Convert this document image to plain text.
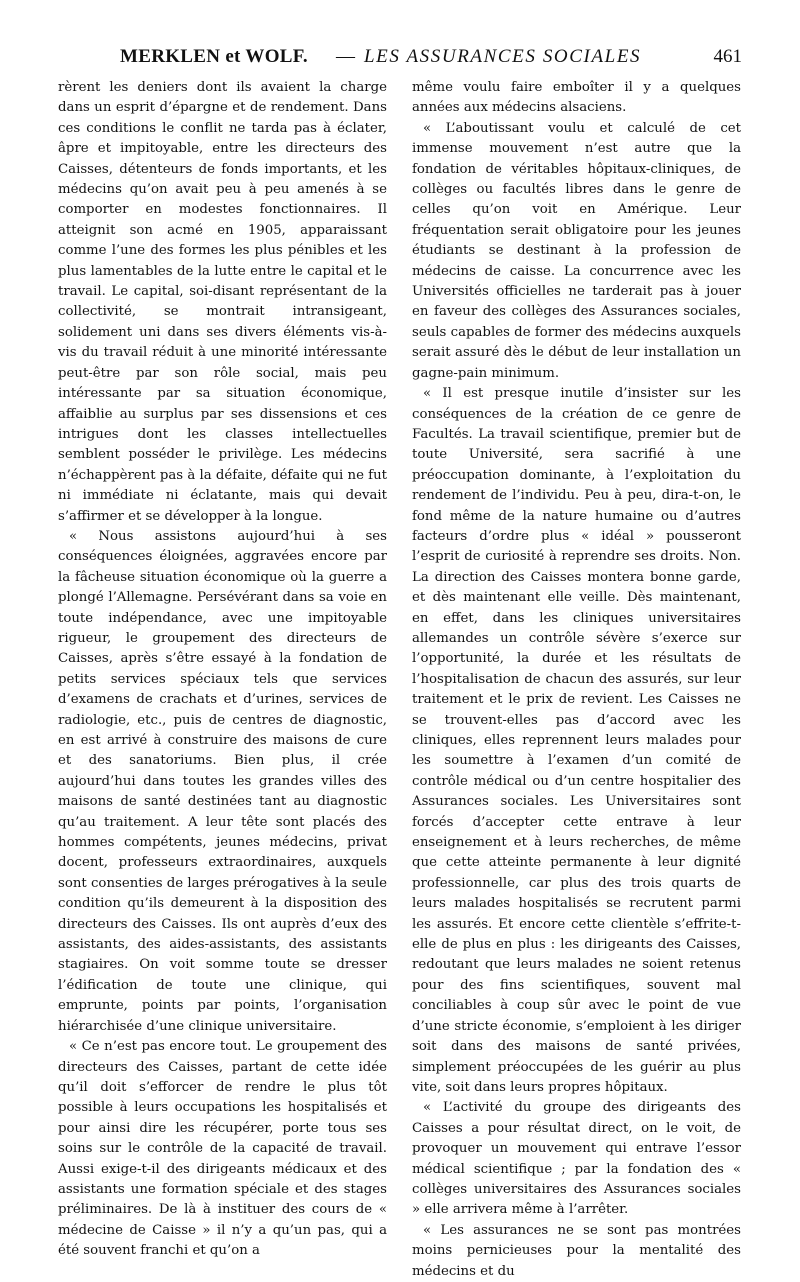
MERKLEN et WOLF. — LES ASSURANCES SOCIALES	461

rèrent les deniers dont ils avaient la charge dans un esprit d’épargne et de rendement. Dans ces conditions le conflit ne tarda pas à éclater, âpre et impitoyable, entre les directeurs des Caisses, détenteurs de fonds importants, et les médecins qu’on avait peu à peu amenés à se comporter en modestes fonctionnaires. Il atteignit son acmé en 1905, apparaissant comme l’une des formes les plus pénibles et les plus lamentables de la lutte entre le capital et le travail. Le capital, soi-disant représentant de la collectivité, se montrait intransigeant, solidement uni dans ses divers éléments vis-à-vis du travail réduit à une minorité intéressante peut-être par son rôle social, mais peu intéressante par sa situation économique, affaiblie au surplus par ses dissensions et ces intrigues dont les classes intellectuelles semblent posséder le privilège. Les médecins n’échappèrent pas à la défaite, défaite qui ne fut ni immédiate ni éclatante, mais qui devait s’affirmer et se développer à la longue.

« Nous assistons aujourd’hui à ses conséquences éloignées, aggravées encore par la fâcheuse situation économique où la guerre a plongé l’Allemagne. Persévérant dans sa voie en toute indépendance, avec une impitoyable rigueur, le groupement des directeurs de Caisses, après s’être essayé à la fondation de petits services spéciaux tels que services d’examens de crachats et d’urines, services de radiologie, etc., puis de centres de diagnostic, en est arrivé à construire des maisons de cure et des sanatoriums. Bien plus, il crée aujourd’hui dans toutes les grandes villes des maisons de santé destinées tant au diagnostic qu’au traitement. A leur tête sont placés des hommes compétents, jeunes médecins, privat docent, professeurs extraordinaires, auxquels sont consenties de larges prérogatives à la seule condition qu’ils demeurent à la disposition des directeurs des Caisses. Ils ont auprès d’eux des assistants, des aides-assistants, des assistants stagiaires. On voit somme toute se dresser l’édification de toute une clinique, qui emprunte, points par points, l’organisation hiérarchisée d’une clinique universitaire.

« Ce n’est pas encore tout. Le groupement des directeurs des Caisses, partant de cette idée qu’il doit s’efforcer de rendre le plus tôt possible à leurs occupations les hospitalisés et pour ainsi dire les récupérer, porte tous ses soins sur le contrôle de la capacité de travail. Aussi exige-t-il des dirigeants médicaux et des assistants une formation spéciale et des stages préliminaires. De là à instituer des cours de « médecine de Caisse » il n’y a qu’un pas, qui a été souvent franchi et qu’on a

même voulu faire emboîter il y a quelques années aux médecins alsaciens.

« L’aboutissant voulu et calculé de cet immense mouvement n’est autre que la fondation de véritables hôpitaux-cliniques, de collèges ou facultés libres dans le genre de celles qu’on voit en Amérique. Leur fréquentation serait obligatoire pour les jeunes étudiants se destinant à la profession de médecins de caisse. La concurrence avec les Universités officielles ne tarderait pas à jouer en faveur des collèges des Assurances sociales, seuls capables de former des médecins auxquels serait assuré dès le début de leur installation un gagne-pain minimum.

« Il est presque inutile d’insister sur les conséquences de la création de ce genre de Facultés. La travail scientifique, premier but de toute Université, sera sacrifié à une préoccupation dominante, à l’exploitation du rendement de l’individu. Peu à peu, dira-t-on, le fond même de la nature humaine ou d’autres facteurs d’ordre plus « idéal » pousseront l’esprit de curiosité à reprendre ses droits. Non. La direction des Caisses montera bonne garde, et dès maintenant elle veille. Dès maintenant, en effet, dans les cliniques universitaires allemandes un contrôle sévère s’exerce sur l’opportunité, la durée et les résultats de l’hospitalisation de chacun des assurés, sur leur traitement et le prix de revient. Les Caisses ne se trouvent-elles pas d’accord avec les cliniques, elles reprennent leurs malades pour les soumettre à l’examen d’un comité de contrôle médical ou d’un centre hospitalier des Assurances sociales. Les Universitaires sont forcés d’accepter cette entrave à leur enseignement et à leurs recherches, de même que cette atteinte permanente à leur dignité professionnelle, car plus des trois quarts de leurs malades hospitalisés se recrutent parmi les assurés. Et encore cette clientèle s’effrite-t-elle de plus en plus : les dirigeants des Caisses, redoutant que leurs malades ne soient retenus pour des fins scientifiques, souvent mal conciliables à coup sûr avec le point de vue d’une stricte économie, s’emploient à les diriger soit dans des maisons de santé privées, simplement préoccupées de les guérir au plus vite, soit dans leurs propres hôpitaux.

« L’activité du groupe des dirigeants des Caisses a pour résultat direct, on le voit, de provoquer un mouvement qui entrave l’essor médical scientifique ; par la fondation des « collèges universitaires des Assurances sociales » elle arrivera même à l’arrêter.

« Les assurances ne se sont pas montrées moins pernicieuses pour la mentalité des médecins et du
